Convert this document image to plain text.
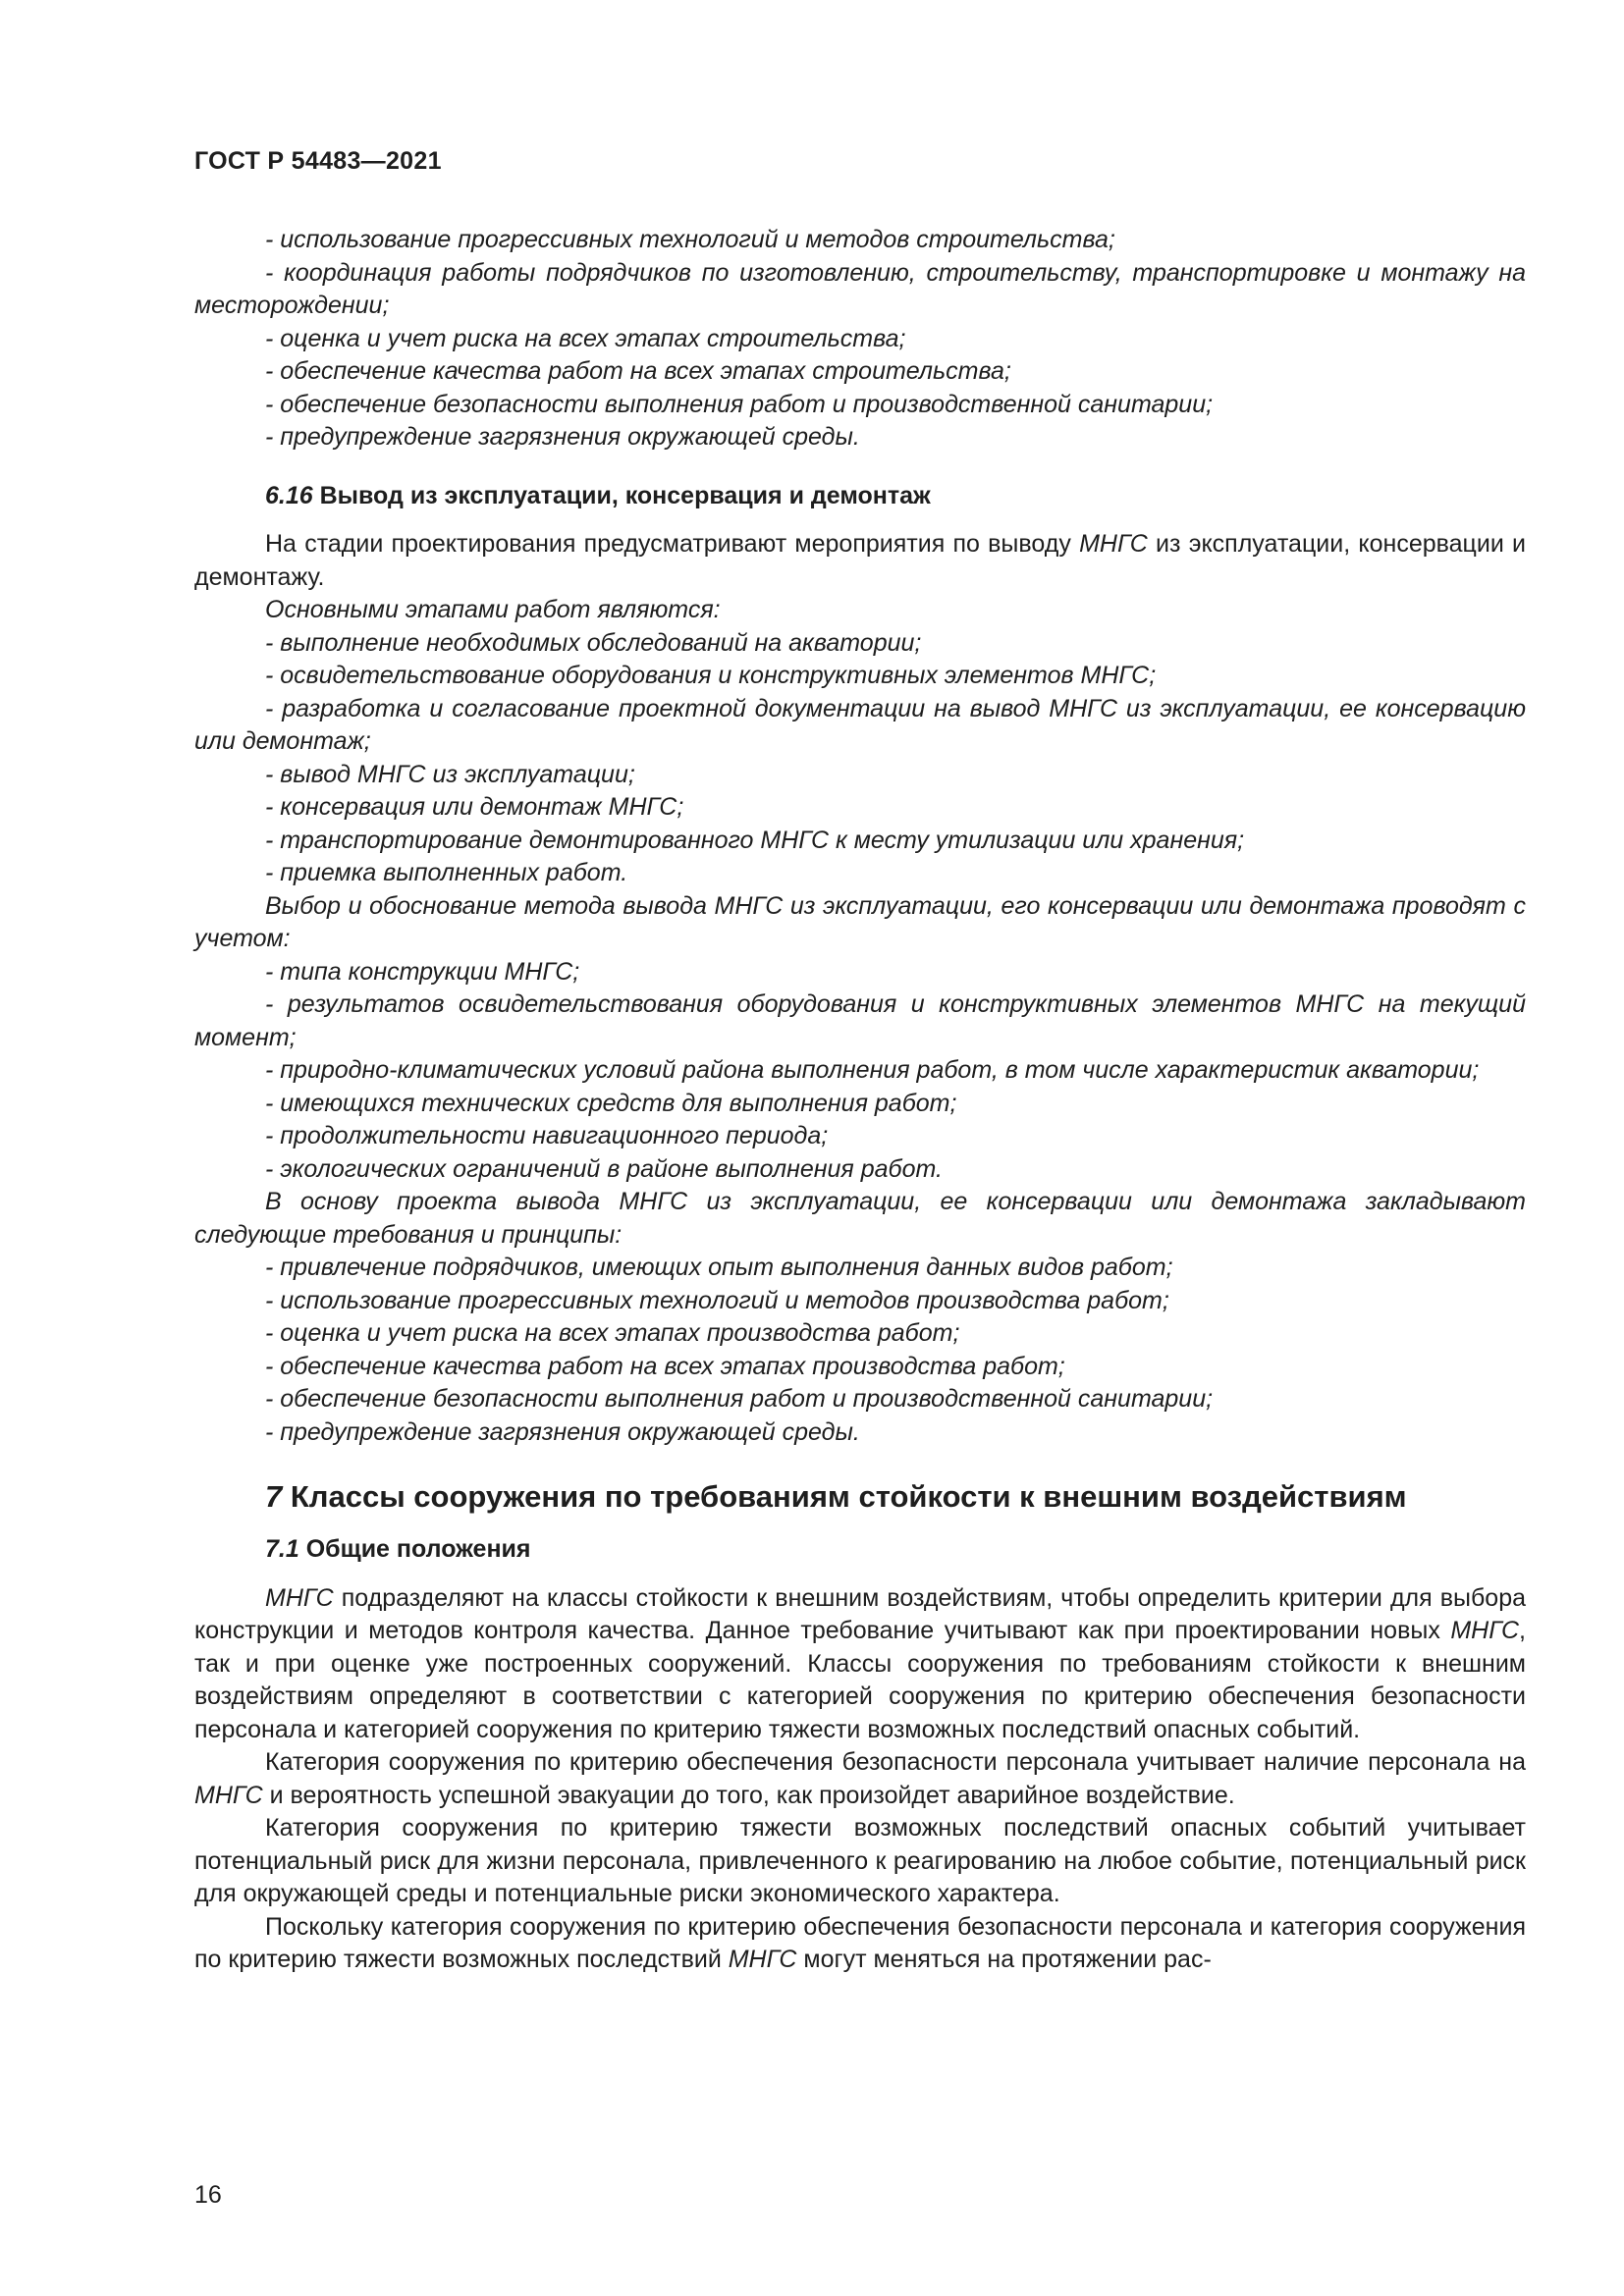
ГОСТ Р 54483—2021

- использование прогрессивных технологий и методов строительства;

- координация работы подрядчиков по изготовлению, строительству, транспортировке и монтажу на месторождении;

- оценка и учет риска на всех этапах строительства;

- обеспечение качества работ на всех этапах строительства;

- обеспечение безопасности выполнения работ и производственной санитарии;

- предупреждение загрязнения окружающей среды.

6.16 Вывод из эксплуатации, консервация и демонтаж

На стадии проектирования предусматривают мероприятия по выводу МНГС из эксплуатации, консервации и демонтажу.

Основными этапами работ являются:

- выполнение необходимых обследований на акватории;

- освидетельствование оборудования и конструктивных элементов МНГС;

- разработка и согласование проектной документации на вывод МНГС из эксплуатации, ее консервацию или демонтаж;

- вывод МНГС из эксплуатации;

- консервация или демонтаж МНГС;

- транспортирование демонтированного МНГС к месту утилизации или хранения;

- приемка выполненных работ.

Выбор и обоснование метода вывода МНГС из эксплуатации, его консервации или демонтажа проводят с учетом:

- типа конструкции МНГС;

- результатов освидетельствования оборудования и конструктивных элементов МНГС на текущий момент;

- природно-климатических условий района выполнения работ, в том числе характеристик акватории;

- имеющихся технических средств для выполнения работ;

- продолжительности навигационного периода;

- экологических ограничений в районе выполнения работ.

В основу проекта вывода МНГС из эксплуатации, ее консервации или демонтажа закладывают следующие требования и принципы:

- привлечение подрядчиков, имеющих опыт выполнения данных видов работ;

- использование прогрессивных технологий и методов производства работ;

- оценка и учет риска на всех этапах производства работ;

- обеспечение качества работ на всех этапах производства работ;

- обеспечение безопасности выполнения работ и производственной санитарии;

- предупреждение загрязнения окружающей среды.

7 Классы сооружения по требованиям стойкости к внешним воздействиям

7.1 Общие положения

МНГС подразделяют на классы стойкости к внешним воздействиям, чтобы определить критерии для выбора конструкции и методов контроля качества. Данное требование учитывают как при проектировании новых МНГС, так и при оценке уже построенных сооружений. Классы сооружения по требованиям стойкости к внешним воздействиям определяют в соответствии с категорией сооружения по критерию обеспечения безопасности персонала и категорией сооружения по критерию тяжести возможных последствий опасных событий.

Категория сооружения по критерию обеспечения безопасности персонала учитывает наличие персонала на МНГС и вероятность успешной эвакуации до того, как произойдет аварийное воздействие.

Категория сооружения по критерию тяжести возможных последствий опасных событий учитывает потенциальный риск для жизни персонала, привлеченного к реагированию на любое событие, потенциальный риск для окружающей среды и потенциальные риски экономического характера.

Поскольку категория сооружения по критерию обеспечения безопасности персонала и категория сооружения по критерию тяжести возможных последствий МНГС могут меняться на протяжении рас-

16
